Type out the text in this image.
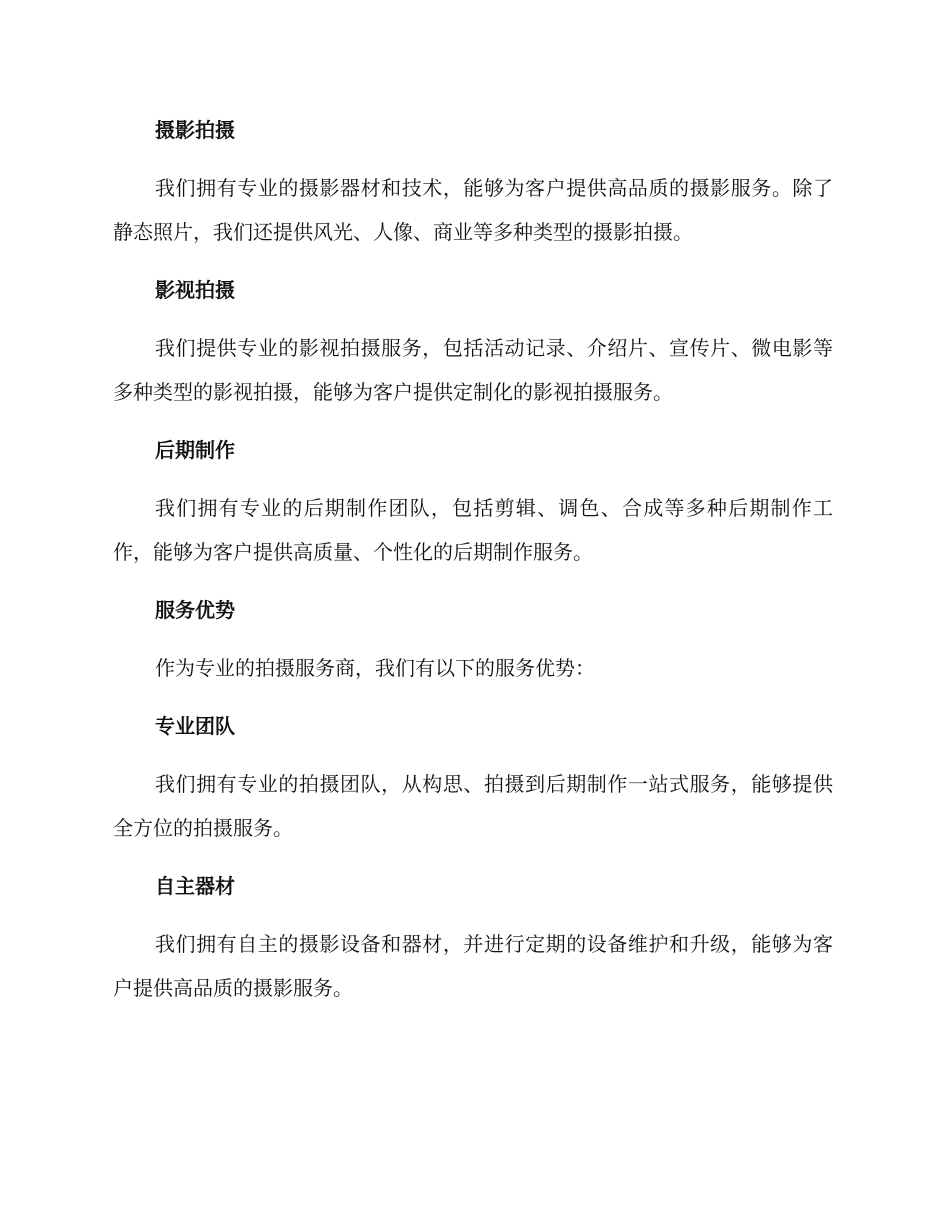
摄影拍摄

我们拥有专业的摄影器材和技术，能够为客户提供高品质的摄影服务。除了静态照片，我们还提供风光、人像、商业等多种类型的摄影拍摄。

影视拍摄

我们提供专业的影视拍摄服务，包括活动记录、介绍片、宣传片、微电影等多种类型的影视拍摄，能够为客户提供定制化的影视拍摄服务。

后期制作

我们拥有专业的后期制作团队，包括剪辑、调色、合成等多种后期制作工作，能够为客户提供高质量、个性化的后期制作服务。

服务优势

作为专业的拍摄服务商，我们有以下的服务优势：

专业团队

我们拥有专业的拍摄团队，从构思、拍摄到后期制作一站式服务，能够提供全方位的拍摄服务。

自主器材

我们拥有自主的摄影设备和器材，并进行定期的设备维护和升级，能够为客户提供高品质的摄影服务。
